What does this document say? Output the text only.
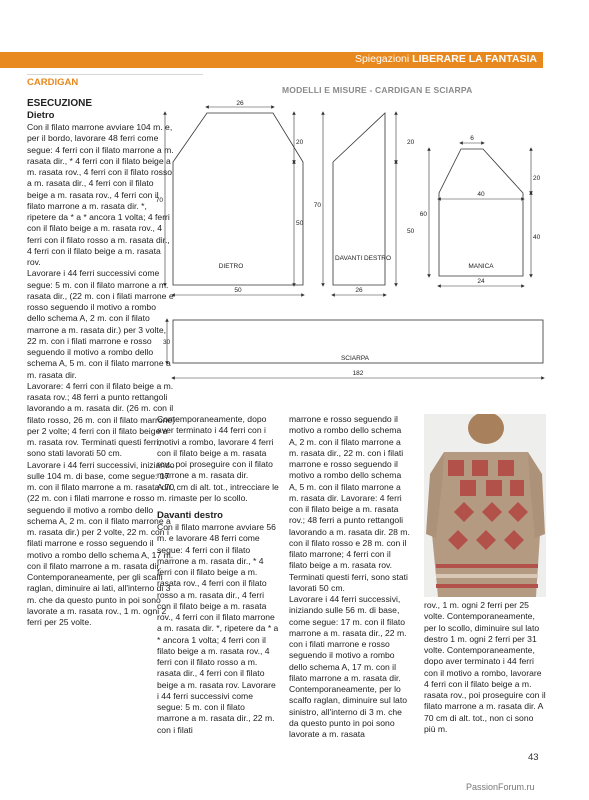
Spiegazioni LIBERARE LA FANTASIA
CARDIGAN
MODELLI E MISURE - CARDIGAN E SCIARPA
26
70
20
50
DIETRO
50
70
20
50
DAVANTI DESTRO
26
6
20
40
60
40
MANICA
24
30
SCIARPA
182
ESECUZIONE
Dietro

Con il filato marrone avviare 104 m. e, per il bordo, lavorare 48 ferri come segue: 4 ferri con il filato marrone a m. rasata dir., * 4 ferri con il filato beige a m. rasata rov., 4 ferri con il filato rosso a m. rasata dir., 4 ferri con il filato beige a m. rasata rov., 4 ferri con il filato marrone a m. rasata dir. *, ripetere da * a * ancora 1 volta; 4 ferri con il filato beige a m. rasata rov., 4 ferri con il filato rosso a m. rasata dir., 4 ferri con il filato beige a m. rasata rov.

Lavorare i 44 ferri successivi come segue: 5 m. con il filato marrone a m. rasata dir., (22 m. con i filati marrone e rosso seguendo il motivo a rombo dello schema A, 2 m. con il filato marrone a m. rasata dir.) per 3 volte, 22 m. con i filati marrone e rosso seguendo il motivo a rombo dello schema A, 5 m. con il filato marrone a m. rasata dir.

Lavorare: 4 ferri con il filato beige a m. rasata rov.; 48 ferri a punto rettangoli lavorando a m. rasata dir. (26 m. con il filato rosso, 26 m. con il filato marrone) per 2 volte; 4 ferri con il filato beige a m. rasata rov. Terminati questi ferri, sono stati lavorati 50 cm.

Lavorare i 44 ferri successivi, iniziando sulle 104 m. di base, come segue: 17 m. con il filato marrone a m. rasata dir., (22 m. con i filati marrone e rosso seguendo il motivo a rombo dello schema A, 2 m. con il filato marrone a m. rasata dir.) per 2 volte, 22 m. con i filati marrone e rosso seguendo il motivo a rombo dello schema A, 17 m. con il filato marrone a m. rasata dir. Contemporaneamente, per gli scalfi raglan, diminuire ai lati, all'interno di 3 m. che da questo punto in poi sono lavorate a m. rasata rov., 1 m. ogni 2 ferri per 25 volte.

Contemporaneamente, dopo aver terminato i 44 ferri con i motivi a rombo, lavorare 4 ferri con il filato beige a m. rasata rov., poi proseguire con il filato marrone a m. rasata dir.

A 70 cm di alt. tot., intrecciare le m. rimaste per lo scollo.

Davanti destro

Con il filato marrone avviare 56 m. e lavorare 48 ferri come segue: 4 ferri con il filato marrone a m. rasata dir., * 4 ferri con il filato beige a m. rasata rov., 4 ferri con il filato rosso a m. rasata dir., 4 ferri con il filato beige a m. rasata rov., 4 ferri con il filato marrone a m. rasata dir. *, ripetere da * a * ancora 1 volta; 4 ferri con il filato beige a m. rasata rov., 4 ferri con il filato rosso a m. rasata dir., 4 ferri con il filato beige a m. rasata rov. Lavorare i 44 ferri successivi come segue: 5 m. con il filato marrone a m. rasata dir., 22 m. con i filati

marrone e rosso seguendo il motivo a rombo dello schema A, 2 m. con il filato marrone a m. rasata dir., 22 m. con i filati marrone e rosso seguendo il motivo a rombo dello schema A, 5 m. con il filato marrone a m. rasata dir. Lavorare: 4 ferri con il filato beige a m. rasata rov.; 48 ferri a punto rettangoli lavorando a m. rasata dir. 28 m. con il filato rosso e 28 m. con il filato marrone; 4 ferri con il filato beige a m. rasata rov. Terminati questi ferri, sono stati lavorati 50 cm.

Lavorare i 44 ferri successivi, iniziando sulle 56 m. di base, come segue: 17 m. con il filato marrone a m. rasata dir., 22 m. con i filati marrone e rosso seguendo il motivo a rombo dello schema A, 17 m. con il filato marrone a m. rasata dir. Contemporaneamente, per lo scalfo raglan, diminuire sul lato sinistro, all'interno di 3 m. che da questo punto in poi sono lavorate a m. rasata

rov., 1 m. ogni 2 ferri per 25 volte. Contemporaneamente, per lo scollo, diminuire sul lato destro 1 m. ogni 2 ferri per 31 volte. Contemporaneamente, dopo aver terminato i 44 ferri con il motivo a rombo, lavorare 4 ferri con il filato beige a m. rasata rov., poi proseguire con il filato marrone a m. rasata dir. A 70 cm di alt. tot., non ci sono più m.

43
PassionForum.ru
